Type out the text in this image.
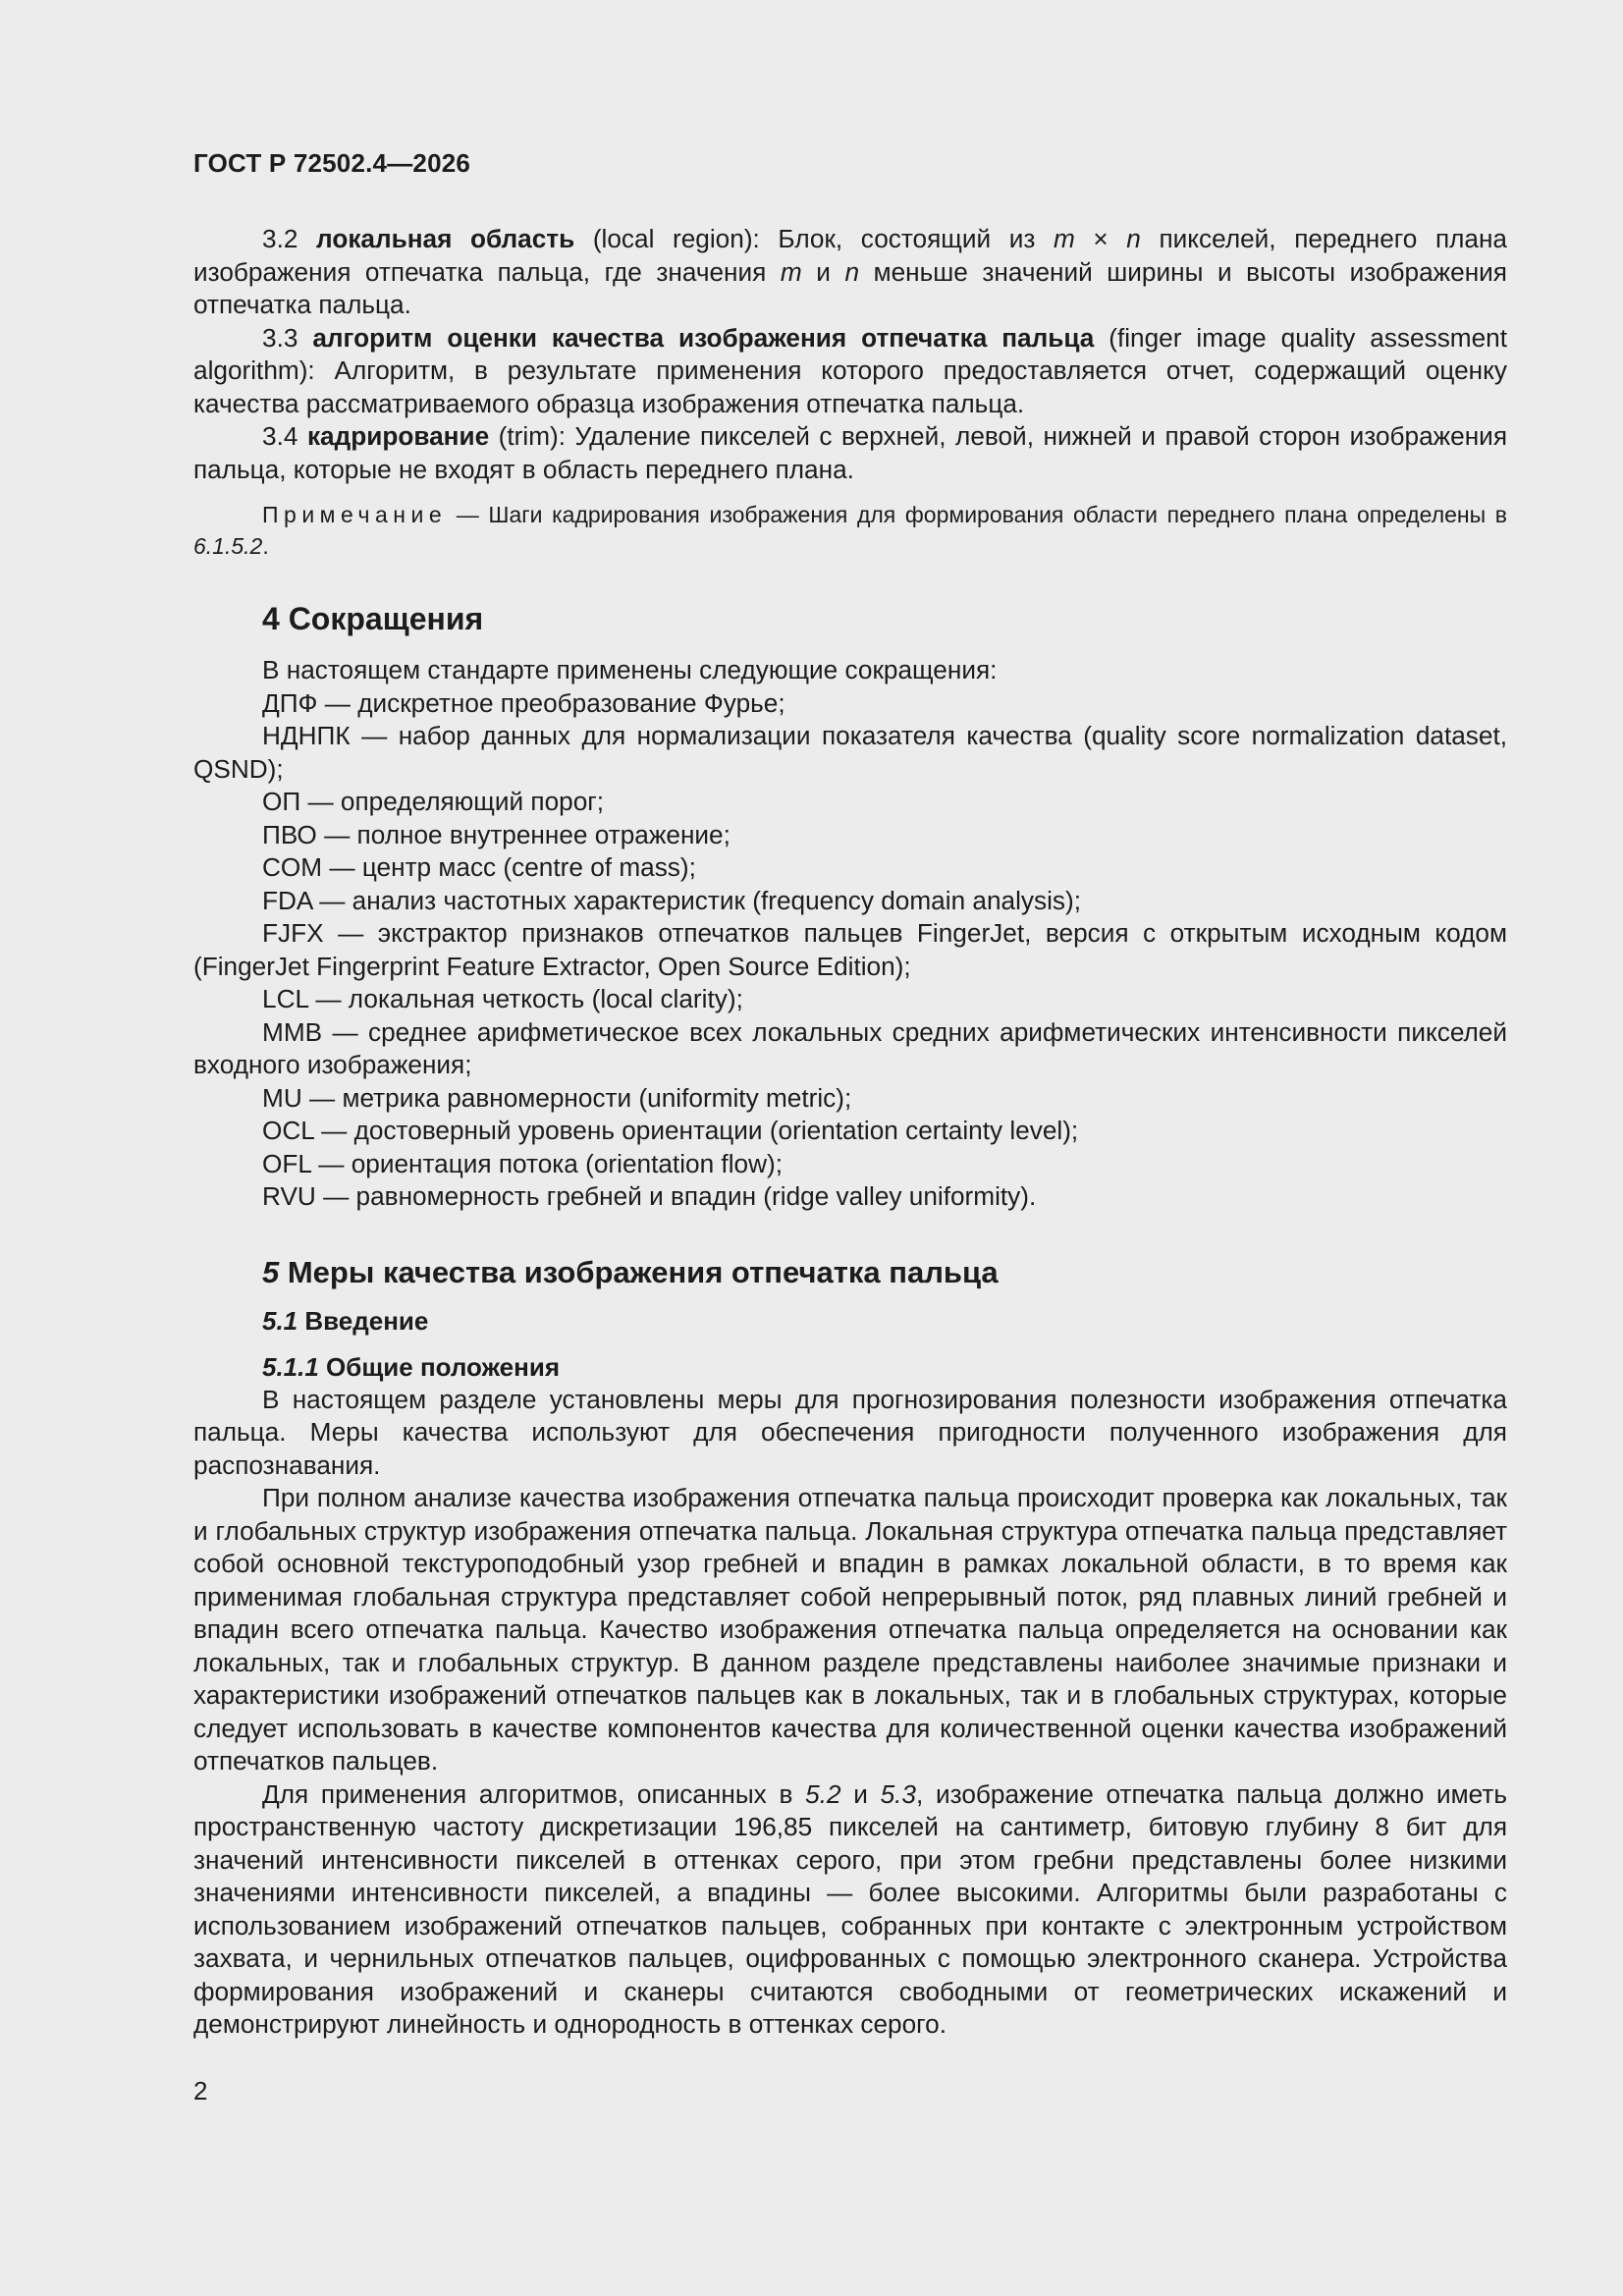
ГОСТ Р 72502.4—2026

3.2 локальная область (local region): Блок, состоящий из m × n пикселей, переднего плана изображения отпечатка пальца, где значения m и n меньше значений ширины и высоты изображения отпечатка пальца.

3.3 алгоритм оценки качества изображения отпечатка пальца (finger image quality assessment algorithm): Алгоритм, в результате применения которого предоставляется отчет, содержащий оценку качества рассматриваемого образца изображения отпечатка пальца.

3.4 кадрирование (trim): Удаление пикселей с верхней, левой, нижней и правой сторон изображения пальца, которые не входят в область переднего плана.

Примечание — Шаги кадрирования изображения для формирования области переднего плана определены в 6.1.5.2.

4 Сокращения

В настоящем стандарте применены следующие сокращения:

ДПФ — дискретное преобразование Фурье;

НДНПК — набор данных для нормализации показателя качества (quality score normalization dataset, QSND);

ОП — определяющий порог;

ПВО — полное внутреннее отражение;

COM — центр масс (centre of mass);

FDA — анализ частотных характеристик (frequency domain analysis);

FJFX — экстрактор признаков отпечатков пальцев FingerJet, версия с открытым исходным кодом (FingerJet Fingerprint Feature Extractor, Open Source Edition);

LCL — локальная четкость (local clarity);

MMB — среднее арифметическое всех локальных средних арифметических интенсивности пикселей входного изображения;

MU — метрика равномерности (uniformity metric);

OCL — достоверный уровень ориентации (orientation certainty level);

OFL — ориентация потока (orientation flow);

RVU — равномерность гребней и впадин (ridge valley uniformity).

5 Меры качества изображения отпечатка пальца
5.1 Введение
5.1.1 Общие положения

В настоящем разделе установлены меры для прогнозирования полезности изображения отпечатка пальца. Меры качества используют для обеспечения пригодности полученного изображения для распознавания.

При полном анализе качества изображения отпечатка пальца происходит проверка как локальных, так и глобальных структур изображения отпечатка пальца. Локальная структура отпечатка пальца представляет собой основной текстуроподобный узор гребней и впадин в рамках локальной области, в то время как применимая глобальная структура представляет собой непрерывный поток, ряд плавных линий гребней и впадин всего отпечатка пальца. Качество изображения отпечатка пальца определяется на основании как локальных, так и глобальных структур. В данном разделе представлены наиболее значимые признаки и характеристики изображений отпечатков пальцев как в локальных, так и в глобальных структурах, которые следует использовать в качестве компонентов качества для количественной оценки качества изображений отпечатков пальцев.

Для применения алгоритмов, описанных в 5.2 и 5.3, изображение отпечатка пальца должно иметь пространственную частоту дискретизации 196,85 пикселей на сантиметр, битовую глубину 8 бит для значений интенсивности пикселей в оттенках серого, при этом гребни представлены более низкими значениями интенсивности пикселей, а впадины — более высокими. Алгоритмы были разработаны с использованием изображений отпечатков пальцев, собранных при контакте с электронным устройством захвата, и чернильных отпечатков пальцев, оцифрованных с помощью электронного сканера. Устройства формирования изображений и сканеры считаются свободными от геометрических искажений и демонстрируют линейность и однородность в оттенках серого.

2
